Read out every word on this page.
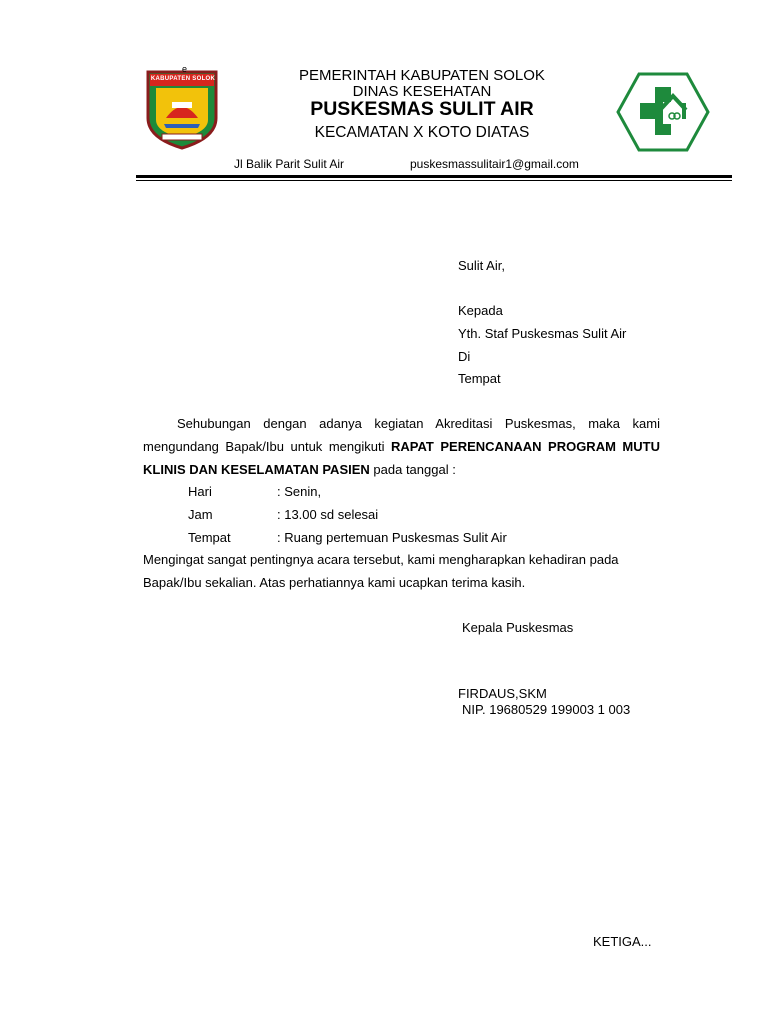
e
KABUPATEN SOLOK	PEMERINTAH KABUPATEN SOLOK
DINAS KESEHATAN
PUSKESMAS SULIT AIR
KECAMATAN X KOTO DIATAS
Jl Balik Parit Sulit Air	puskesmassulitair1@gmail.com
Sulit Air,
Kepada
Yth. Staf Puskesmas Sulit Air
Di
Tempat
Sehubungan dengan adanya kegiatan Akreditasi Puskesmas, maka kami mengundang Bapak/Ibu untuk mengikuti RAPAT PERENCANAAN PROGRAM MUTU KLINIS DAN KESELAMATAN PASIEN pada tanggal :
Hari	: Senin,
Jam	: 13.00 sd selesai
Tempat	: Ruang pertemuan Puskesmas Sulit Air
Mengingat sangat pentingnya acara tersebut, kami mengharapkan kehadiran pada Bapak/Ibu sekalian. Atas perhatiannya kami ucapkan terima kasih.
Kepala Puskesmas
FIRDAUS,SKM
NIP. 19680529 199003 1 003
KETIGA...
